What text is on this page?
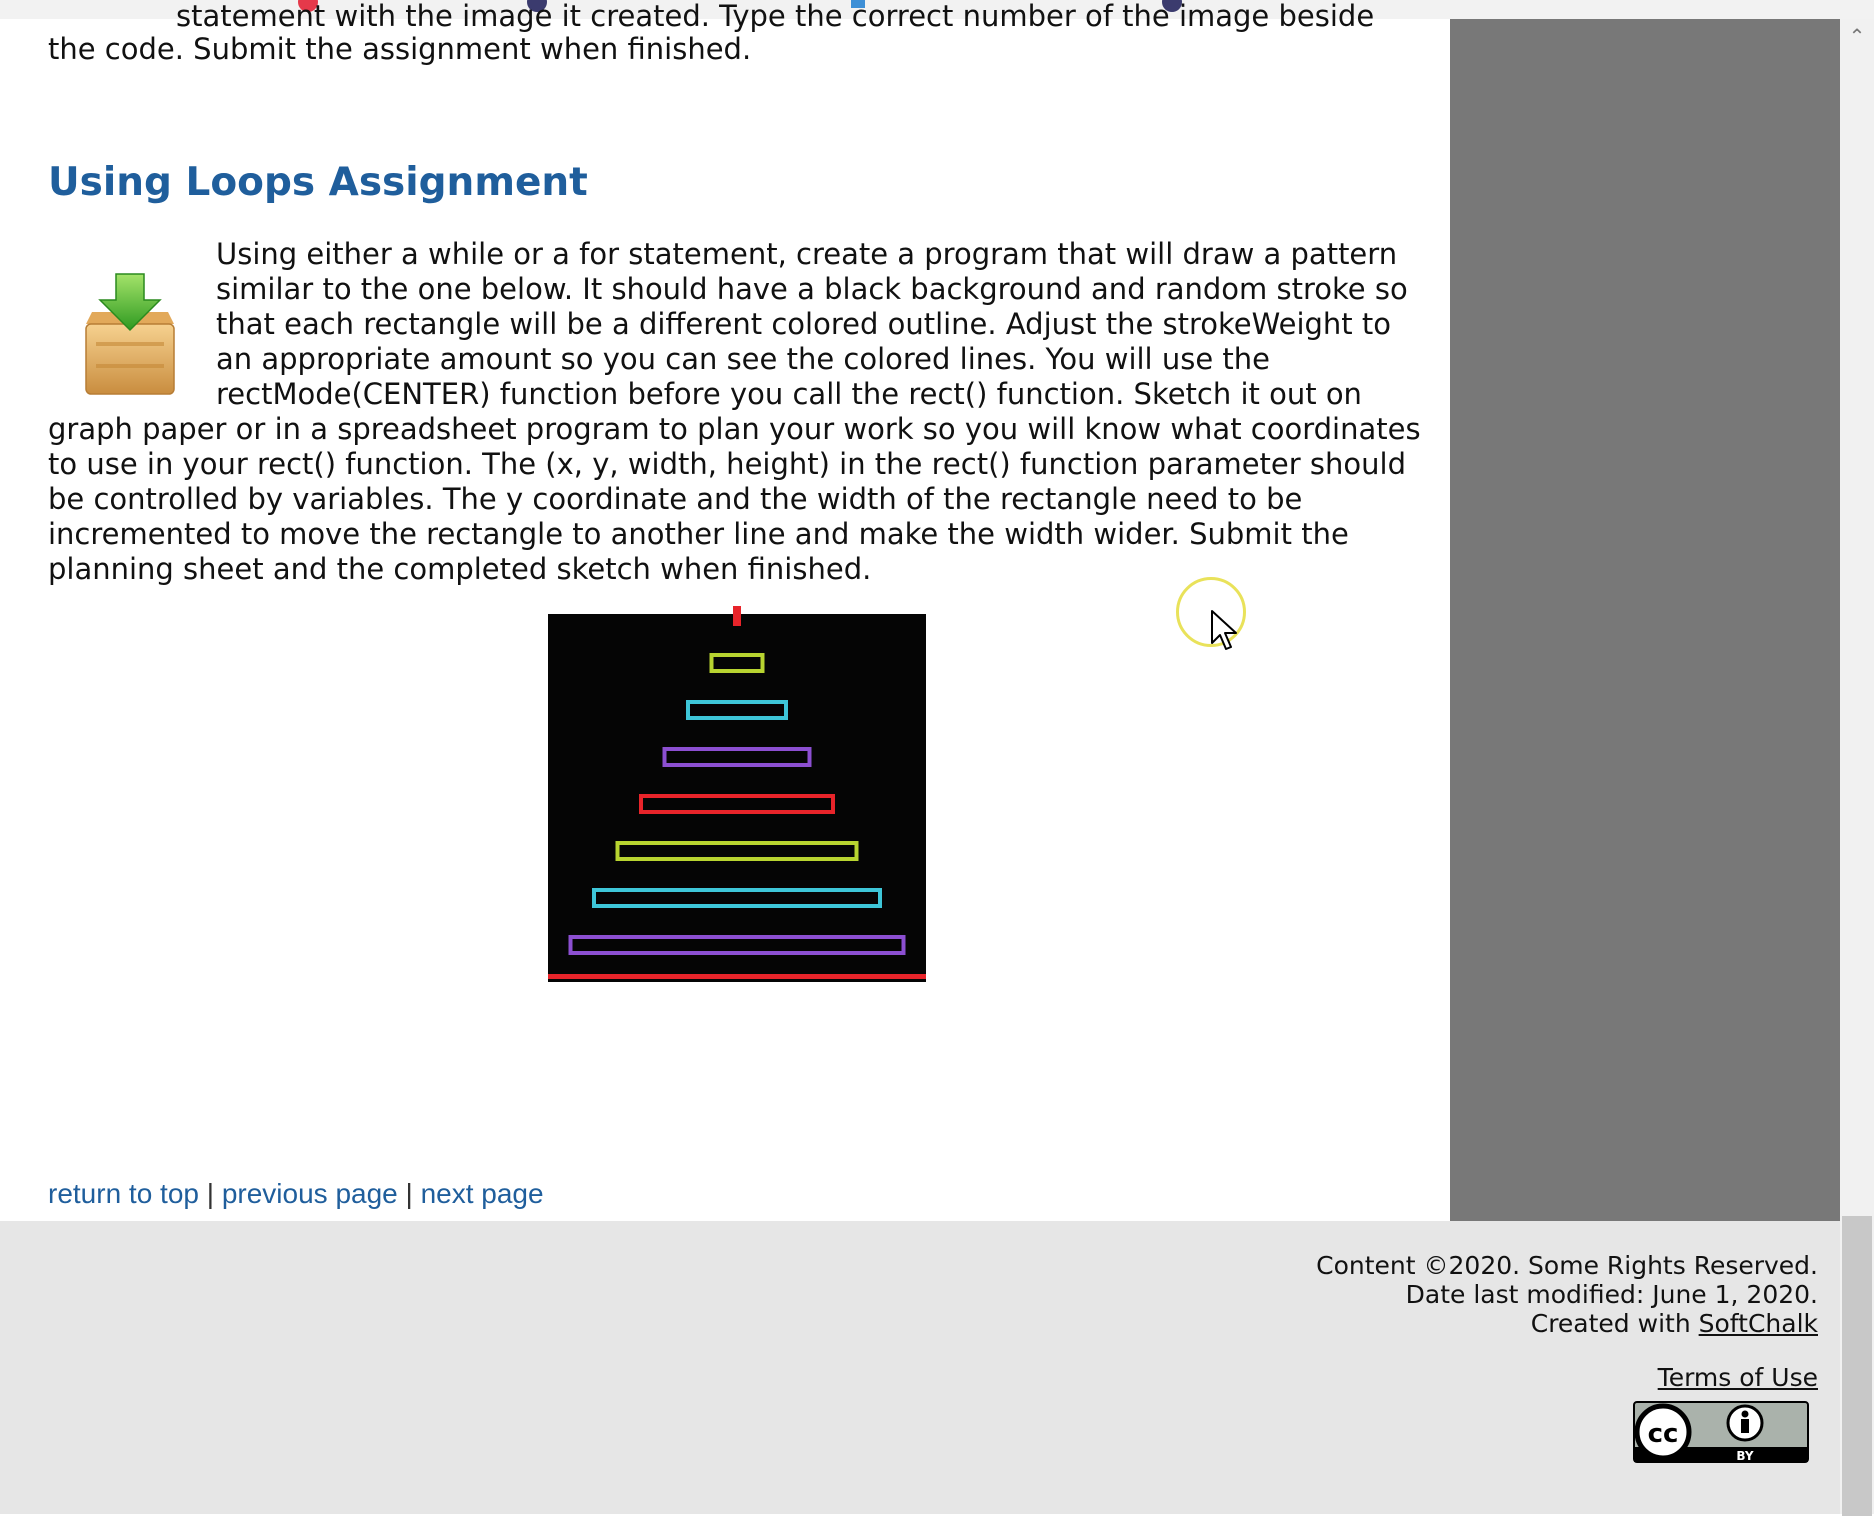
statement with the image it created. Type the correct number of the image beside
the code. Submit the assignment when finished.
Using Loops Assignment
Using either a while or a for statement, create a program that will draw a pattern
similar to the one below. It should have a black background and random stroke so
that each rectangle will be a different colored outline. Adjust the strokeWeight to
an appropriate amount so you can see the colored lines. You will use the
rectMode(CENTER) function before you call the rect() function. Sketch it out on
graph paper or in a spreadsheet program to plan your work so you will know what coordinates
to use in your rect() function. The (x, y, width, height) in the rect() function parameter should
be controlled by variables. The y coordinate and the width of the rectangle need to be
incremented to move the rectangle to another line and make the width wider. Submit the
planning sheet and the completed sketch when finished.
return to top | previous page | next page
⌃
Content ©2020. Some Rights Reserved.
Date last modified: June 1, 2020.
Created with SoftChalk
Terms of Use
cc
BY
